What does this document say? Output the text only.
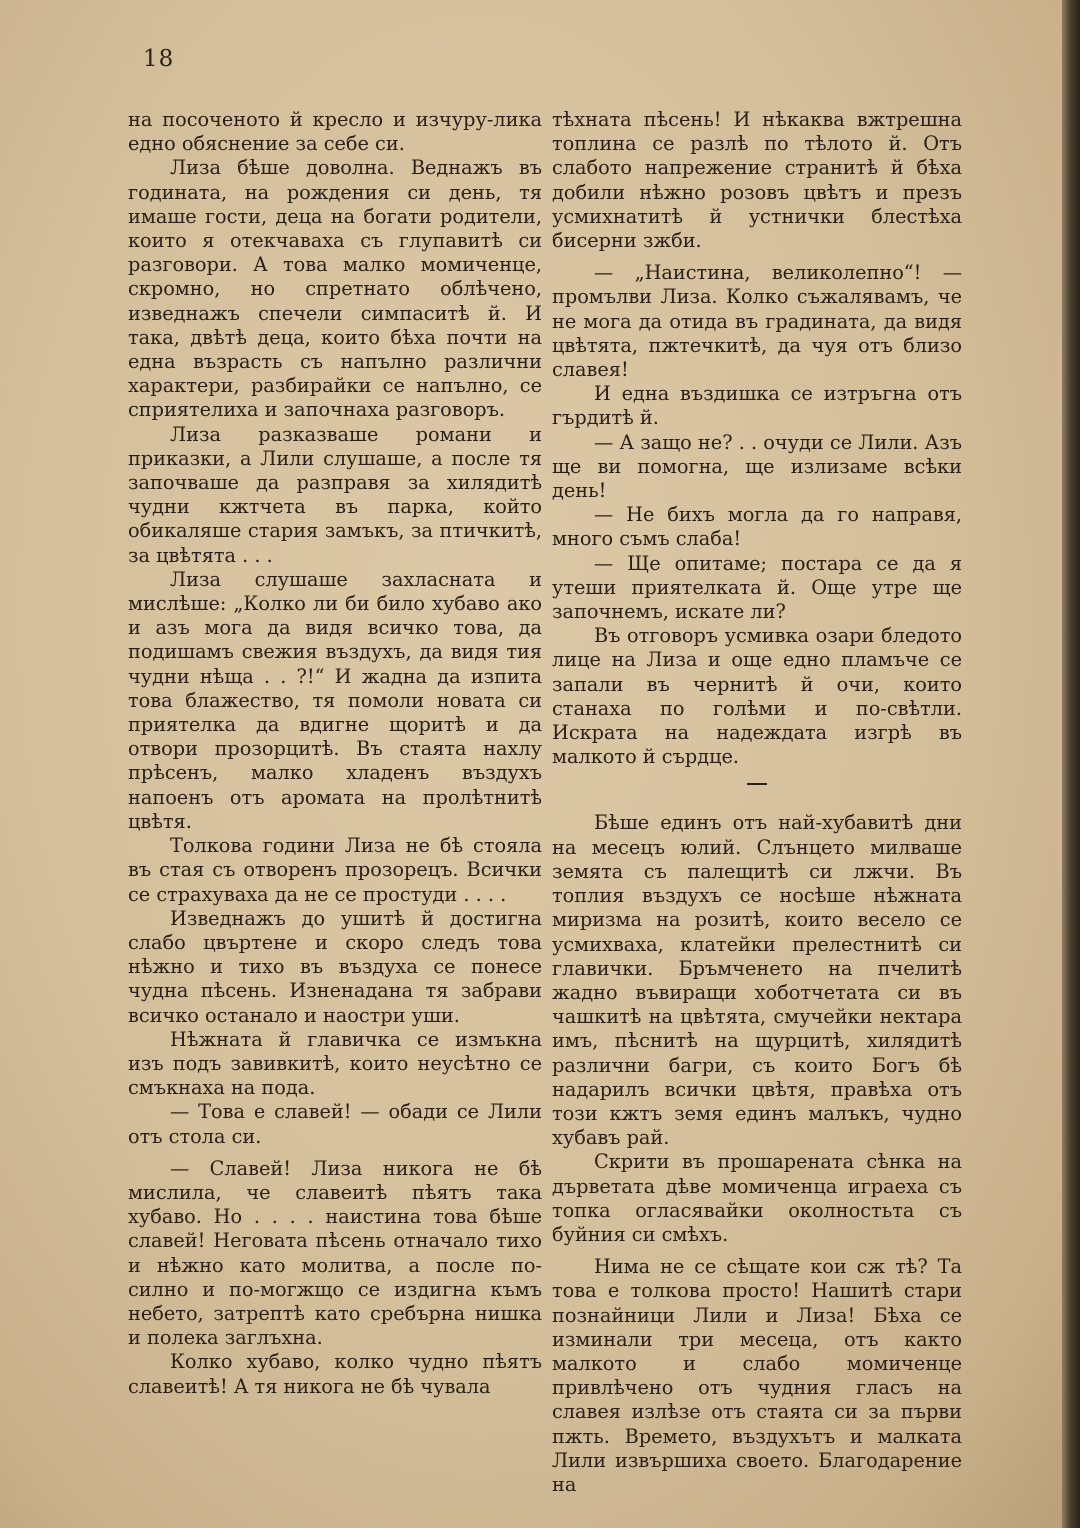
18

на посоченото й кресло и изчуру-лика едно обяснение за себе си.

Лиза бѣше доволна. Веднажъ въ годината, на рождения си день, тя имаше гости, деца на богати родители, които я отекчаваха съ глупавитѣ си разговори. А това малко момиченце, скромно, но спретнато облѣчено, изведнажъ спечели симпаситѣ й. И така, двѣтѣ деца, които бѣха почти на една възрасть съ напълно различни характери, разбирайки се напълно, се сприятелиха и започнаха разговоръ.

Лиза разказваше романи и приказки, а Лили слушаше, а после тя започваше да разправя за хилядитѣ чудни кжтчета въ парка, който обикаляше стария замъкъ, за птичкитѣ, за цвѣтята . . .

Лиза слушаше захласната и мислѣше: „Колко ли би било хубаво ако и азъ мога да видя всичко това, да подишамъ свежия въздухъ, да видя тия чудни нѣща . . ?!“ И жадна да изпита това блажество, тя помоли новата си приятелка да вдигне щоритѣ и да отвори прозорцитѣ. Въ стаята нахлу прѣсенъ, малко хладенъ въздухъ напоенъ отъ аромата на пролѣтнитѣ цвѣтя.

Толкова години Лиза не бѣ стояла въ стая съ отворенъ прозорецъ. Всички се страхуваха да не се простуди . . . .

Изведнажъ до ушитѣ й достигна слабо цвъртене и скоро следъ това нѣжно и тихо въ въздуха се понесе чудна пѣсень. Изненадана тя забрави всичко останало и наостри уши.

Нѣжната й главичка се измъкна изъ подъ завивкитѣ, които неусѣтно се смъкнаха на пода.

— Това е славей! — обади се Лили отъ стола си.

— Славей! Лиза никога не бѣ мислила, че славеитѣ пѣятъ така хубаво. Но . . . . наистина това бѣше славей! Неговата пѣсень отначало тихо и нѣжно като молитва, а после по-силно и по-могжщо се издигна къмъ небето, затрептѣ като сребърна нишка и полека заглъхна.

Колко хубаво, колко чудно пѣятъ славеитѣ! А тя никога не бѣ чувала

тѣхната пѣсень! И нѣкаква вжтрешна топлина се разлѣ по тѣлото й. Отъ слабото напрежение странитѣ й бѣха добили нѣжно розовъ цвѣтъ и презъ усмихнатитѣ й устнички блестѣха бисерни зжби.

— „Наистина, великолепно“! — промълви Лиза. Колко съжалявамъ, че не мога да отида въ градината, да видя цвѣтята, пжтечкитѣ, да чуя отъ близо славея!

И една въздишка се изтръгна отъ гърдитѣ й.

— А защо не? . . очуди се Лили. Азъ ще ви помогна, ще излизаме всѣки день!

— Не бихъ могла да го направя, много съмъ слаба!

— Ще опитаме; постара се да я утеши приятелката й. Още утре ще започнемъ, искате ли?

Въ отговоръ усмивка озари бледото лице на Лиза и още едно пламъче се запали въ чернитѣ й очи, които станаха по голѣми и по-свѣтли. Искрата на надеждата изгрѣ въ малкото й сърдце.

Бѣше единъ отъ най-хубавитѣ дни на месецъ юлий. Слънцето милваше земята съ палещитѣ си лжчи. Въ топлия въздухъ се носѣше нѣжната миризма на розитѣ, които весело се усмихваха, клатейки прелестнитѣ си главички. Бръмченето на пчелитѣ жадно въвиращи хоботчетата си въ чашкитѣ на цвѣтята, смучейки нектара имъ, пѣснитѣ на щурцитѣ, хилядитѣ различни багри, съ които Богъ бѣ надарилъ всички цвѣтя, правѣха отъ този кжтъ земя единъ малъкъ, чудно хубавъ рай.

Скрити въ прошарената сѣнка на дърветата дѣве момиченца играеха съ топка огласявайки околностьта съ буйния си смѣхъ.

Нима не се сѣщате кои сж тѣ? Та това е толкова просто! Нашитѣ стари познайници Лили и Лиза! Бѣха се изминали три месеца, отъ както малкото и слабо момиченце привлѣчено отъ чудния гласъ на славея излѣзе отъ стаята си за първи пжть. Времето, въздухътъ и малката Лили извършиха своето. Благодарение на
